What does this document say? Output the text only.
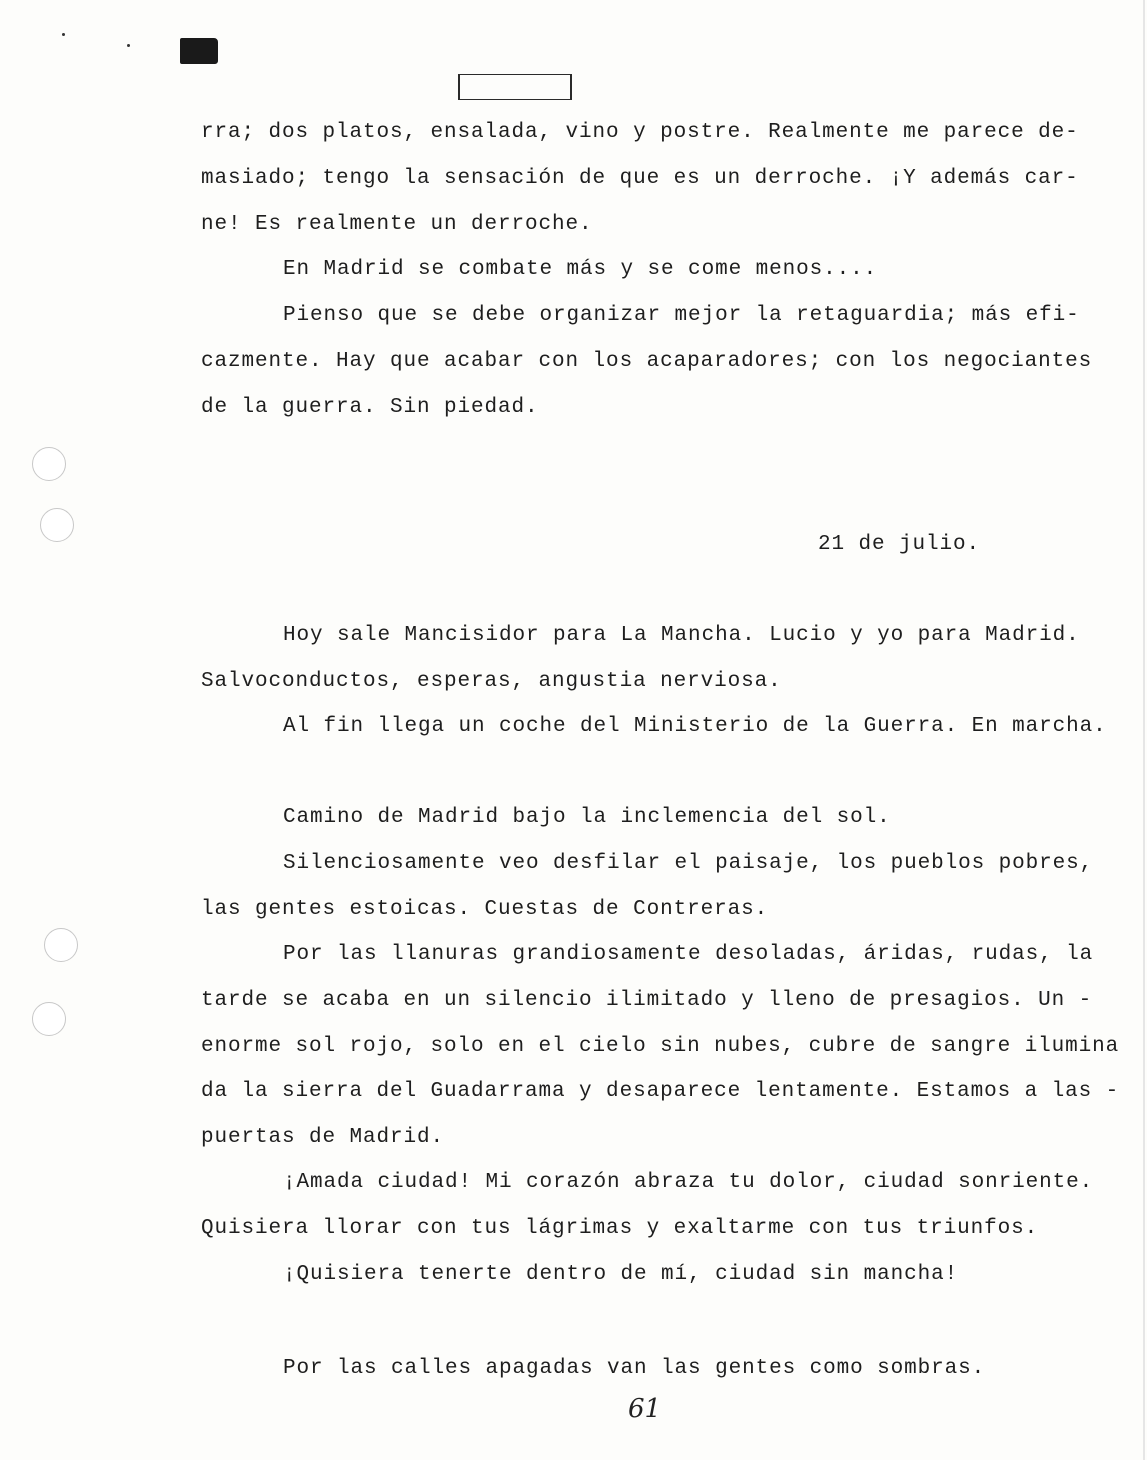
rra; dos platos, ensalada, vino y postre. Realmente me parece de-
masiado; tengo la sensación de que es un derroche. ¡Y además car-
ne! Es realmente un derroche.
En Madrid se combate más y se come menos....
Pienso que se debe organizar mejor la retaguardia; más efi-
cazmente. Hay que acabar con los acaparadores; con los negociantes
de la guerra. Sin piedad.
21 de julio.
Hoy sale Mancisidor para La Mancha. Lucio y yo para Madrid.
Salvoconductos, esperas, angustia nerviosa.
Al fin llega un coche del Ministerio de la Guerra. En marcha.
Camino de Madrid bajo la inclemencia del sol.
Silenciosamente veo desfilar el paisaje, los pueblos pobres,
las gentes estoicas. Cuestas de Contreras.
Por las llanuras grandiosamente desoladas, áridas, rudas, la
tarde se acaba en un silencio ilimitado y lleno de presagios. Un -
enorme sol rojo, solo en el cielo sin nubes, cubre de sangre ilumina
da la sierra del Guadarrama y desaparece lentamente. Estamos a las -
puertas de Madrid.
¡Amada ciudad! Mi corazón abraza tu dolor, ciudad sonriente.
Quisiera llorar con tus lágrimas y exaltarme con tus triunfos.
¡Quisiera tenerte dentro de mí, ciudad sin mancha!
Por las calles apagadas van las gentes como sombras.
61
